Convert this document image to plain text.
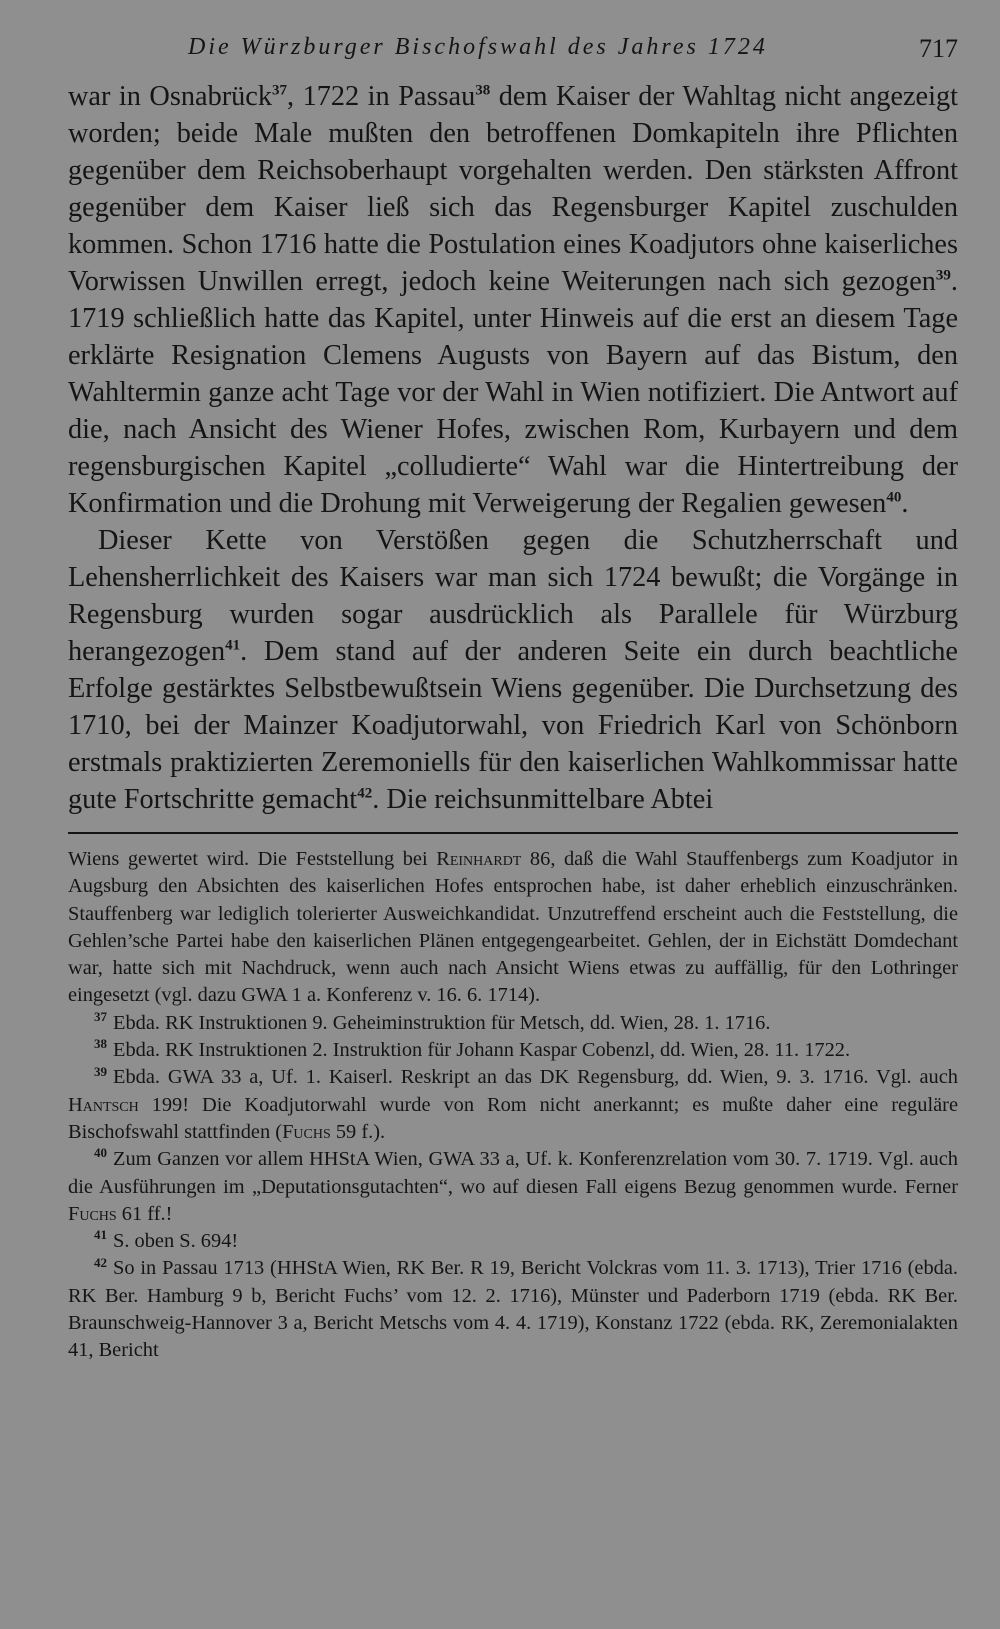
Die Würzburger Bischofswahl des Jahres 1724	717

war in Osnabrück$^{37}$, 1722 in Passau$^{38}$ dem Kaiser der Wahltag nicht angezeigt worden; beide Male mußten den betroffenen Domkapiteln ihre Pflichten gegenüber dem Reichsoberhaupt vorgehalten werden. Den stärksten Affront gegenüber dem Kaiser ließ sich das Regensburger Kapitel zuschulden kommen. Schon 1716 hatte die Postulation eines Koadjutors ohne kaiserliches Vorwissen Unwillen erregt, jedoch keine Weiterungen nach sich gezogen$^{39}$. 1719 schließlich hatte das Kapitel, unter Hinweis auf die erst an diesem Tage erklärte Resignation Clemens Augusts von Bayern auf das Bistum, den Wahltermin ganze acht Tage vor der Wahl in Wien notifiziert. Die Antwort auf die, nach Ansicht des Wiener Hofes, zwischen Rom, Kurbayern und dem regensburgischen Kapitel „colludierte“ Wahl war die Hintertreibung der Konfirmation und die Drohung mit Verweigerung der Regalien gewesen$^{40}$.

Dieser Kette von Verstößen gegen die Schutzherrschaft und Lehensherrlichkeit des Kaisers war man sich 1724 bewußt; die Vorgänge in Regensburg wurden sogar ausdrücklich als Parallele für Würzburg herangezogen$^{41}$. Dem stand auf der anderen Seite ein durch beachtliche Erfolge gestärktes Selbstbewußtsein Wiens gegenüber. Die Durchsetzung des 1710, bei der Mainzer Koadjutorwahl, von Friedrich Karl von Schönborn erstmals praktizierten Zeremoniells für den kaiserlichen Wahlkommissar hatte gute Fortschritte gemacht$^{42}$. Die reichsunmittelbare Abtei

Wiens gewertet wird. Die Feststellung bei Reinhardt 86, daß die Wahl Stauffenbergs zum Koadjutor in Augsburg den Absichten des kaiserlichen Hofes entsprochen habe, ist daher erheblich einzuschränken. Stauffenberg war lediglich tolerierter Ausweichkandidat. Unzutreffend erscheint auch die Feststellung, die Gehlen’sche Partei habe den kaiserlichen Plänen entgegengearbeitet. Gehlen, der in Eichstätt Domdechant war, hatte sich mit Nachdruck, wenn auch nach Ansicht Wiens etwas zu auffällig, für den Lothringer eingesetzt (vgl. dazu GWA 1 a. Konferenz v. 16. 6. 1714).

$^{37}$ Ebda. RK Instruktionen 9. Geheiminstruktion für Metsch, dd. Wien, 28. 1. 1716.

$^{38}$ Ebda. RK Instruktionen 2. Instruktion für Johann Kaspar Cobenzl, dd. Wien, 28. 11. 1722.

$^{39}$ Ebda. GWA 33 a, Uf. 1. Kaiserl. Reskript an das DK Regensburg, dd. Wien, 9. 3. 1716. Vgl. auch Hantsch 199! Die Koadjutorwahl wurde von Rom nicht anerkannt; es mußte daher eine reguläre Bischofswahl stattfinden (Fuchs 59 f.).

$^{40}$ Zum Ganzen vor allem HHStA Wien, GWA 33 a, Uf. k. Konferenzrelation vom 30. 7. 1719. Vgl. auch die Ausführungen im „Deputationsgutachten“, wo auf diesen Fall eigens Bezug genommen wurde. Ferner Fuchs 61 ff.!

$^{41}$ S. oben S. 694!

$^{42}$ So in Passau 1713 (HHStA Wien, RK Ber. R 19, Bericht Volckras vom 11. 3. 1713), Trier 1716 (ebda. RK Ber. Hamburg 9 b, Bericht Fuchs’ vom 12. 2. 1716), Münster und Paderborn 1719 (ebda. RK Ber. Braunschweig-Hannover 3 a, Bericht Metschs vom 4. 4. 1719), Konstanz 1722 (ebda. RK, Zeremonialakten 41, Bericht
